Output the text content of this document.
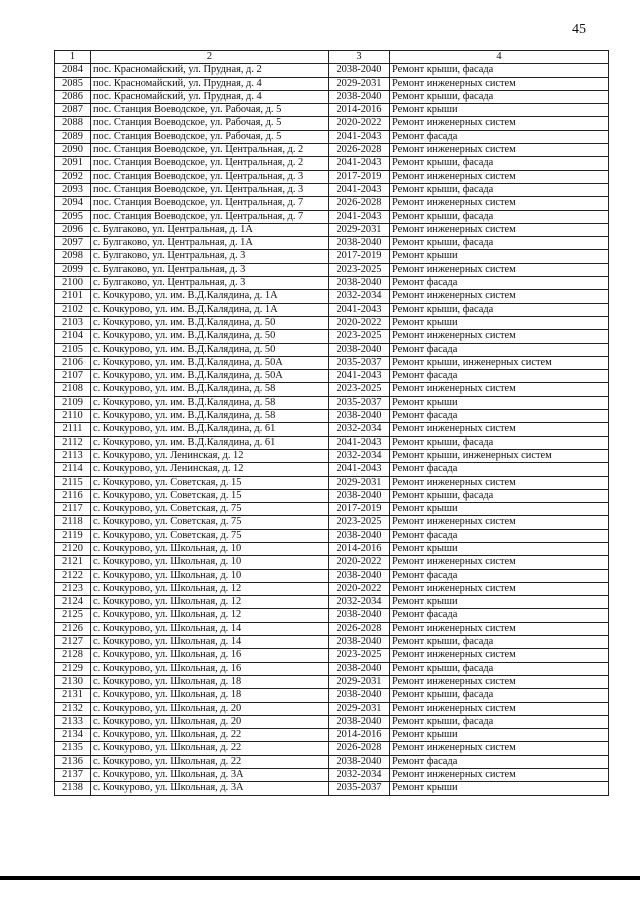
45
1	2	3	4
2084	пос. Красномайский, ул. Прудная, д. 2	2038-2040	Ремонт крыши, фасада
2085	пос. Красномайский, ул. Прудная, д. 4	2029-2031	Ремонт инженерных систем
2086	пос. Красномайский, ул. Прудная, д. 4	2038-2040	Ремонт крыши, фасада
2087	пос. Станция Воеводское, ул. Рабочая, д. 5	2014-2016	Ремонт крыши
2088	пос. Станция Воеводское, ул. Рабочая, д. 5	2020-2022	Ремонт инженерных систем
2089	пос. Станция Воеводское, ул. Рабочая, д. 5	2041-2043	Ремонт фасада
2090	пос. Станция Воеводское, ул. Центральная, д. 2	2026-2028	Ремонт инженерных систем
2091	пос. Станция Воеводское, ул. Центральная, д. 2	2041-2043	Ремонт крыши, фасада
2092	пос. Станция Воеводское, ул. Центральная, д. 3	2017-2019	Ремонт инженерных систем
2093	пос. Станция Воеводское, ул. Центральная, д. 3	2041-2043	Ремонт крыши, фасада
2094	пос. Станция Воеводское, ул. Центральная, д. 7	2026-2028	Ремонт инженерных систем
2095	пос. Станция Воеводское, ул. Центральная, д. 7	2041-2043	Ремонт крыши, фасада
2096	с. Булгаково, ул. Центральная, д. 1А	2029-2031	Ремонт инженерных систем
2097	с. Булгаково, ул. Центральная, д. 1А	2038-2040	Ремонт крыши, фасада
2098	с. Булгаково, ул. Центральная, д. 3	2017-2019	Ремонт крыши
2099	с. Булгаково, ул. Центральная, д. 3	2023-2025	Ремонт инженерных систем
2100	с. Булгаково, ул. Центральная, д. 3	2038-2040	Ремонт фасада
2101	с. Кочкурово, ул. им. В.Д.Калядина, д. 1А	2032-2034	Ремонт инженерных систем
2102	с. Кочкурово, ул. им. В.Д.Калядина, д. 1А	2041-2043	Ремонт крыши, фасада
2103	с. Кочкурово, ул. им. В.Д.Калядина, д. 50	2020-2022	Ремонт крыши
2104	с. Кочкурово, ул. им. В.Д.Калядина, д. 50	2023-2025	Ремонт инженерных систем
2105	с. Кочкурово, ул. им. В.Д.Калядина, д. 50	2038-2040	Ремонт фасада
2106	с. Кочкурово, ул. им. В.Д.Калядина, д. 50А	2035-2037	Ремонт крыши, инженерных систем
2107	с. Кочкурово, ул. им. В.Д.Калядина, д. 50А	2041-2043	Ремонт фасада
2108	с. Кочкурово, ул. им. В.Д.Калядина, д. 58	2023-2025	Ремонт инженерных систем
2109	с. Кочкурово, ул. им. В.Д.Калядина, д. 58	2035-2037	Ремонт крыши
2110	с. Кочкурово, ул. им. В.Д.Калядина, д. 58	2038-2040	Ремонт фасада
2111	с. Кочкурово, ул. им. В.Д.Калядина, д. 61	2032-2034	Ремонт инженерных систем
2112	с. Кочкурово, ул. им. В.Д.Калядина, д. 61	2041-2043	Ремонт крыши, фасада
2113	с. Кочкурово, ул. Ленинская, д. 12	2032-2034	Ремонт крыши, инженерных систем
2114	с. Кочкурово, ул. Ленинская, д. 12	2041-2043	Ремонт фасада
2115	с. Кочкурово, ул. Советская, д. 15	2029-2031	Ремонт инженерных систем
2116	с. Кочкурово, ул. Советская, д. 15	2038-2040	Ремонт крыши, фасада
2117	с. Кочкурово, ул. Советская, д. 75	2017-2019	Ремонт крыши
2118	с. Кочкурово, ул. Советская, д. 75	2023-2025	Ремонт инженерных систем
2119	с. Кочкурово, ул. Советская, д. 75	2038-2040	Ремонт фасада
2120	с. Кочкурово, ул. Школьная, д. 10	2014-2016	Ремонт крыши
2121	с. Кочкурово, ул. Школьная, д. 10	2020-2022	Ремонт инженерных систем
2122	с. Кочкурово, ул. Школьная, д. 10	2038-2040	Ремонт фасада
2123	с. Кочкурово, ул. Школьная, д. 12	2020-2022	Ремонт инженерных систем
2124	с. Кочкурово, ул. Школьная, д. 12	2032-2034	Ремонт крыши
2125	с. Кочкурово, ул. Школьная, д. 12	2038-2040	Ремонт фасада
2126	с. Кочкурово, ул. Школьная, д. 14	2026-2028	Ремонт инженерных систем
2127	с. Кочкурово, ул. Школьная, д. 14	2038-2040	Ремонт крыши, фасада
2128	с. Кочкурово, ул. Школьная, д. 16	2023-2025	Ремонт инженерных систем
2129	с. Кочкурово, ул. Школьная, д. 16	2038-2040	Ремонт крыши, фасада
2130	с. Кочкурово, ул. Школьная, д. 18	2029-2031	Ремонт инженерных систем
2131	с. Кочкурово, ул. Школьная, д. 18	2038-2040	Ремонт крыши, фасада
2132	с. Кочкурово, ул. Школьная, д. 20	2029-2031	Ремонт инженерных систем
2133	с. Кочкурово, ул. Школьная, д. 20	2038-2040	Ремонт крыши, фасада
2134	с. Кочкурово, ул. Школьная, д. 22	2014-2016	Ремонт крыши
2135	с. Кочкурово, ул. Школьная, д. 22	2026-2028	Ремонт инженерных систем
2136	с. Кочкурово, ул. Школьная, д. 22	2038-2040	Ремонт фасада
2137	с. Кочкурово, ул. Школьная, д. 3А	2032-2034	Ремонт инженерных систем
2138	с. Кочкурово, ул. Школьная, д. 3А	2035-2037	Ремонт крыши
